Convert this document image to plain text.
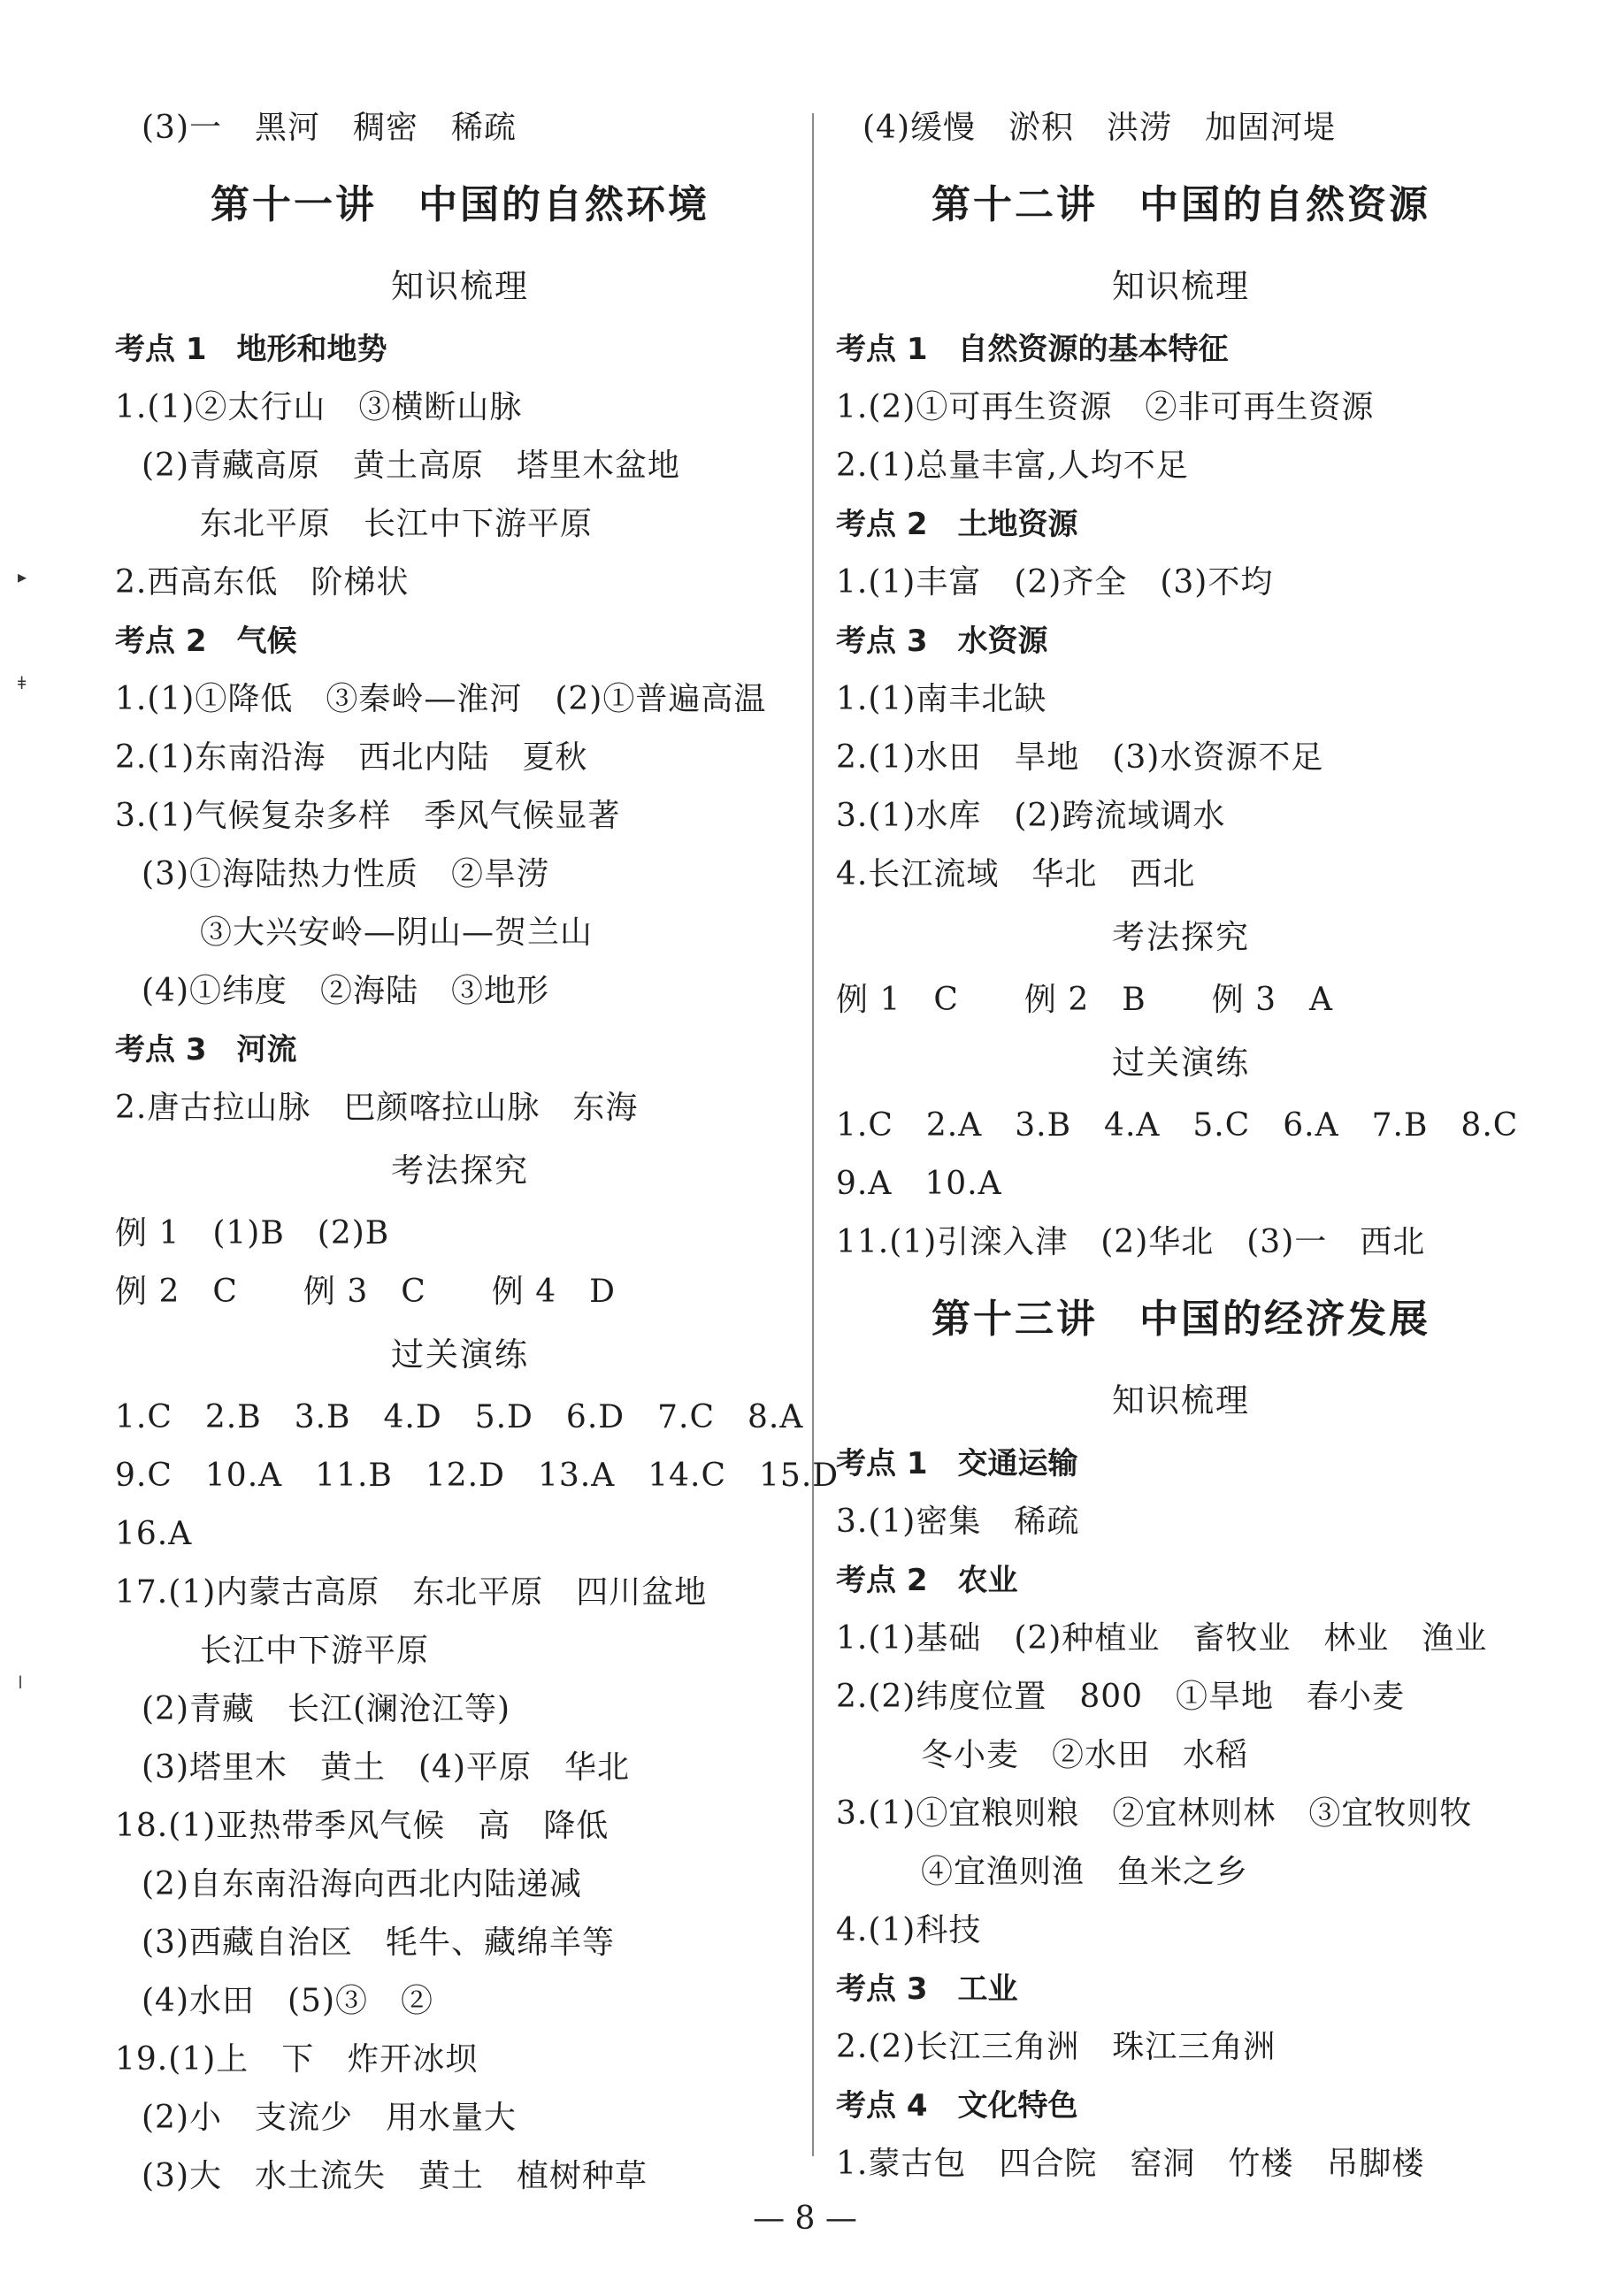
▸
ǂ
ǀ
(3)一　黑河　稠密　稀疏
第十一讲　中国的自然环境
知识梳理
考点 1　地形和地势
1.(1)②太行山　③横断山脉
(2)青藏高原　黄土高原　塔里木盆地
东北平原　长江中下游平原
2.西高东低　阶梯状
考点 2　气候
1.(1)①降低　③秦岭—淮河　(2)①普遍高温
2.(1)东南沿海　西北内陆　夏秋
3.(1)气候复杂多样　季风气候显著
(3)①海陆热力性质　②旱涝
③大兴安岭—阴山—贺兰山
(4)①纬度　②海陆　③地形
考点 3　河流
2.唐古拉山脉　巴颜喀拉山脉　东海
考法探究
例 1　(1)B　(2)B
例 2　C　　例 3　C　　例 4　D
过关演练
1.C　2.B　3.B　4.D　5.D　6.D　7.C　8.A
9.C　10.A　11.B　12.D　13.A　14.C　15.D
16.A
17.(1)内蒙古高原　东北平原　四川盆地
长江中下游平原
(2)青藏　长江(澜沧江等)
(3)塔里木　黄土　(4)平原　华北
18.(1)亚热带季风气候　高　降低
(2)自东南沿海向西北内陆递减
(3)西藏自治区　牦牛、藏绵羊等
(4)水田　(5)③　②
19.(1)上　下　炸开冰坝
(2)小　支流少　用水量大
(3)大　水土流失　黄土　植树种草
(4)缓慢　淤积　洪涝　加固河堤
第十二讲　中国的自然资源
知识梳理
考点 1　自然资源的基本特征
1.(2)①可再生资源　②非可再生资源
2.(1)总量丰富,人均不足
考点 2　土地资源
1.(1)丰富　(2)齐全　(3)不均
考点 3　水资源
1.(1)南丰北缺
2.(1)水田　旱地　(3)水资源不足
3.(1)水库　(2)跨流域调水
4.长江流域　华北　西北
考法探究
例 1　C　　例 2　B　　例 3　A
过关演练
1.C　2.A　3.B　4.A　5.C　6.A　7.B　8.C
9.A　10.A
11.(1)引滦入津　(2)华北　(3)一　西北
第十三讲　中国的经济发展
知识梳理
考点 1　交通运输
3.(1)密集　稀疏
考点 2　农业
1.(1)基础　(2)种植业　畜牧业　林业　渔业
2.(2)纬度位置　800　①旱地　春小麦
冬小麦　②水田　水稻
3.(1)①宜粮则粮　②宜林则林　③宜牧则牧
④宜渔则渔　鱼米之乡
4.(1)科技
考点 3　工业
2.(2)长江三角洲　珠江三角洲
考点 4　文化特色
1.蒙古包　四合院　窑洞　竹楼　吊脚楼
— 8 —
